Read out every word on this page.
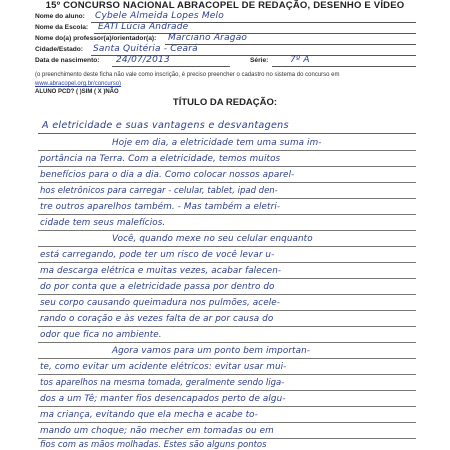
15º CONCURSO NACIONAL ABRACOPEL DE REDAÇÃO, DESENHO E VÍDEO
Nome do aluno: Cybele Almeida Lopes Melo
Nome da Escola: EATI Lúcia Andrade
Nome do(a) professor(a)/orientador(a): Marciano Aragão
Cidade/Estado: Santa Quitéria - Ceará
Data de nascimento: 24/07/2013	Série: 7º A
(o preenchimento deste ficha não vale como inscrição, é preciso preencher o cadastro no sistema do concurso em
www.abracopel.org.br/concurso)
ALUNO PCD? ( )SIM ( X )NÃO
TÍTULO DA REDAÇÃO:
A eletricidade e suas vantagens e desvantagens
Hoje em dia, a eletricidade tem uma suma im-
portância na Terra. Com a eletricidade, temos muitos
benefícios para o dia a dia. Como colocar nossos aparel-
hos eletrônicos para carregar - celular, tablet, ipad den-
tre outros aparelhos também. - Mas também a eletri-
cidade tem seus malefícios.
Você, quando mexe no seu celular enquanto
está carregando, pode ter um risco de você levar u-
ma descarga elétrica e muitas vezes, acabar falecen-
do por conta que a eletricidade passa por dentro do
seu corpo causando queimadura nos pulmões, acele-
rando o coração e às vezes falta de ar por causa do
odor que fica no ambiente.
Agora vamos para um ponto bem importan-
te, como evitar um acidente elétricos: evitar usar mui-
tos aparelhos na mesma tomada, geralmente sendo liga-
dos a um Tê; manter fios desencapados perto de algu-
ma criança, evitando que ela mecha e acabe to-
mando um choque; não mecher em tomadas ou em
fios com as mãos molhadas. Estes são alguns pontos
